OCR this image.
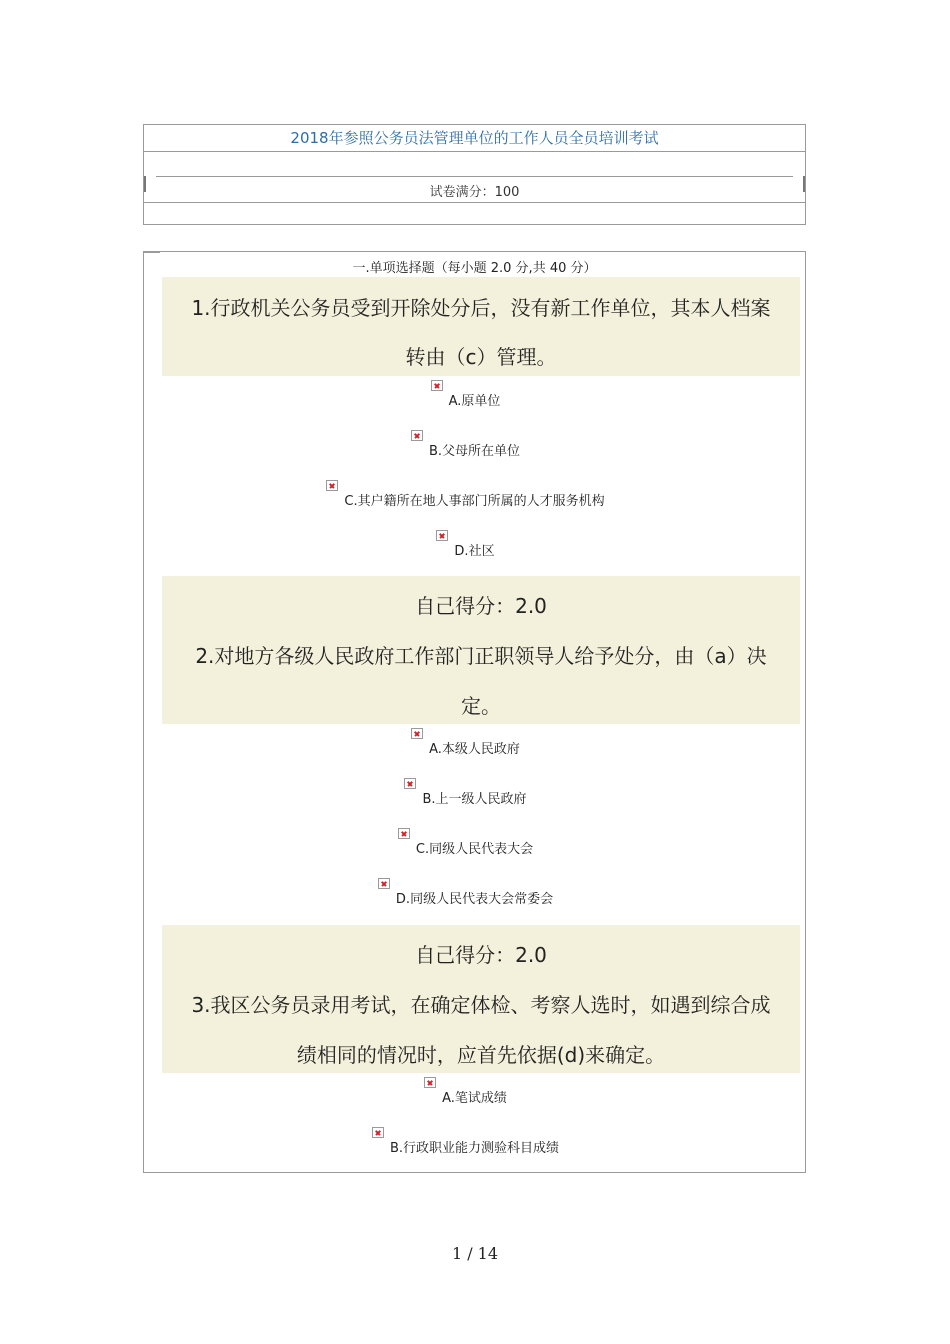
2018年参照公务员法管理单位的工作人员全员培训考试
试卷满分：100
一.单项选择题（每小题 2.0 分,共 40 分）
1.行政机关公务员受到开除处分后，没有新工作单位，其本人档案
转由（c）管理。
A.原单位
B.父母所在单位
C.其户籍所在地人事部门所属的人才服务机构
D.社区
自己得分：2.0
2.对地方各级人民政府工作部门正职领导人给予处分，由（a）决
定。
A.本级人民政府
B.上一级人民政府
C.同级人民代表大会
D.同级人民代表大会常委会
自己得分：2.0
3.我区公务员录用考试，在确定体检、考察人选时，如遇到综合成
绩相同的情况时，应首先依据(d)来确定。
A.笔试成绩
B.行政职业能力测验科目成绩
1 / 14
